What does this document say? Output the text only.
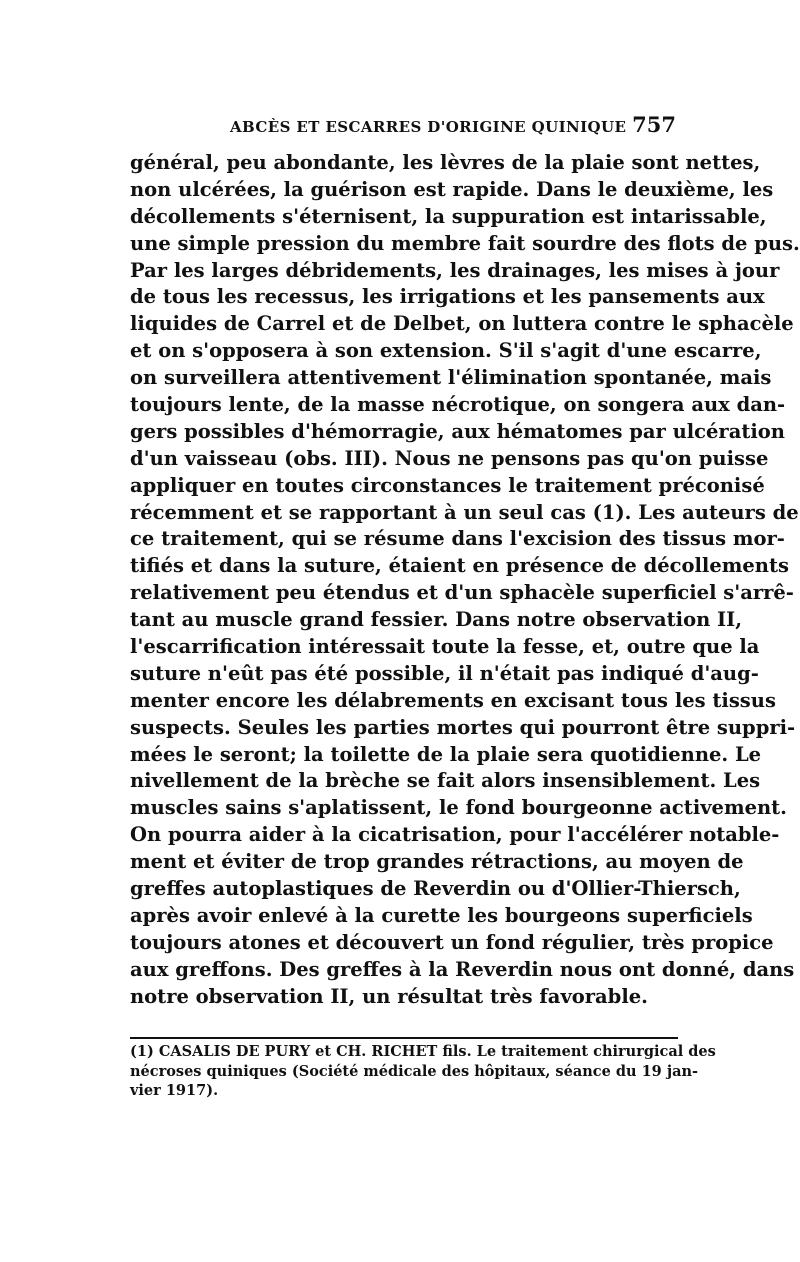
ABCÈS ET ESCARRES D'ORIGINE QUINIQUE 757
général, peu abondante, les lèvres de la plaie sont nettes,
non ulcérées, la guérison est rapide. Dans le deuxième, les
décollements s'éternisent, la suppuration est intarissable,
une simple pression du membre fait sourdre des flots de pus.
Par les larges débridements, les drainages, les mises à jour
de tous les recessus, les irrigations et les pansements aux
liquides de Carrel et de Delbet, on luttera contre le sphacèle
et on s'opposera à son extension. S'il s'agit d'une escarre,
on surveillera attentivement l'élimination spontanée, mais
toujours lente, de la masse nécrotique, on songera aux dan-
gers possibles d'hémorragie, aux hématomes par ulcération
d'un vaisseau (obs. III). Nous ne pensons pas qu'on puisse
appliquer en toutes circonstances le traitement préconisé
récemment et se rapportant à un seul cas (1). Les auteurs de
ce traitement, qui se résume dans l'excision des tissus mor-
tifiés et dans la suture, étaient en présence de décollements
relativement peu étendus et d'un sphacèle superficiel s'arrê-
tant au muscle grand fessier. Dans notre observation II,
l'escarrification intéressait toute la fesse, et, outre que la
suture n'eût pas été possible, il n'était pas indiqué d'aug-
menter encore les délabrements en excisant tous les tissus
suspects. Seules les parties mortes qui pourront être suppri-
mées le seront; la toilette de la plaie sera quotidienne. Le
nivellement de la brèche se fait alors insensiblement. Les
muscles sains s'aplatissent, le fond bourgeonne activement.
On pourra aider à la cicatrisation, pour l'accélérer notable-
ment et éviter de trop grandes rétractions, au moyen de
greffes autoplastiques de Reverdin ou d'Ollier-Thiersch,
après avoir enlevé à la curette les bourgeons superficiels
toujours atones et découvert un fond régulier, très propice
aux greffons. Des greffes à la Reverdin nous ont donné, dans
notre observation II, un résultat très favorable.
(1) CASALIS DE PURY et CH. RICHET fils. Le traitement chirurgical des
nécroses quiniques (Société médicale des hôpitaux, séance du 19 jan-
vier 1917).
